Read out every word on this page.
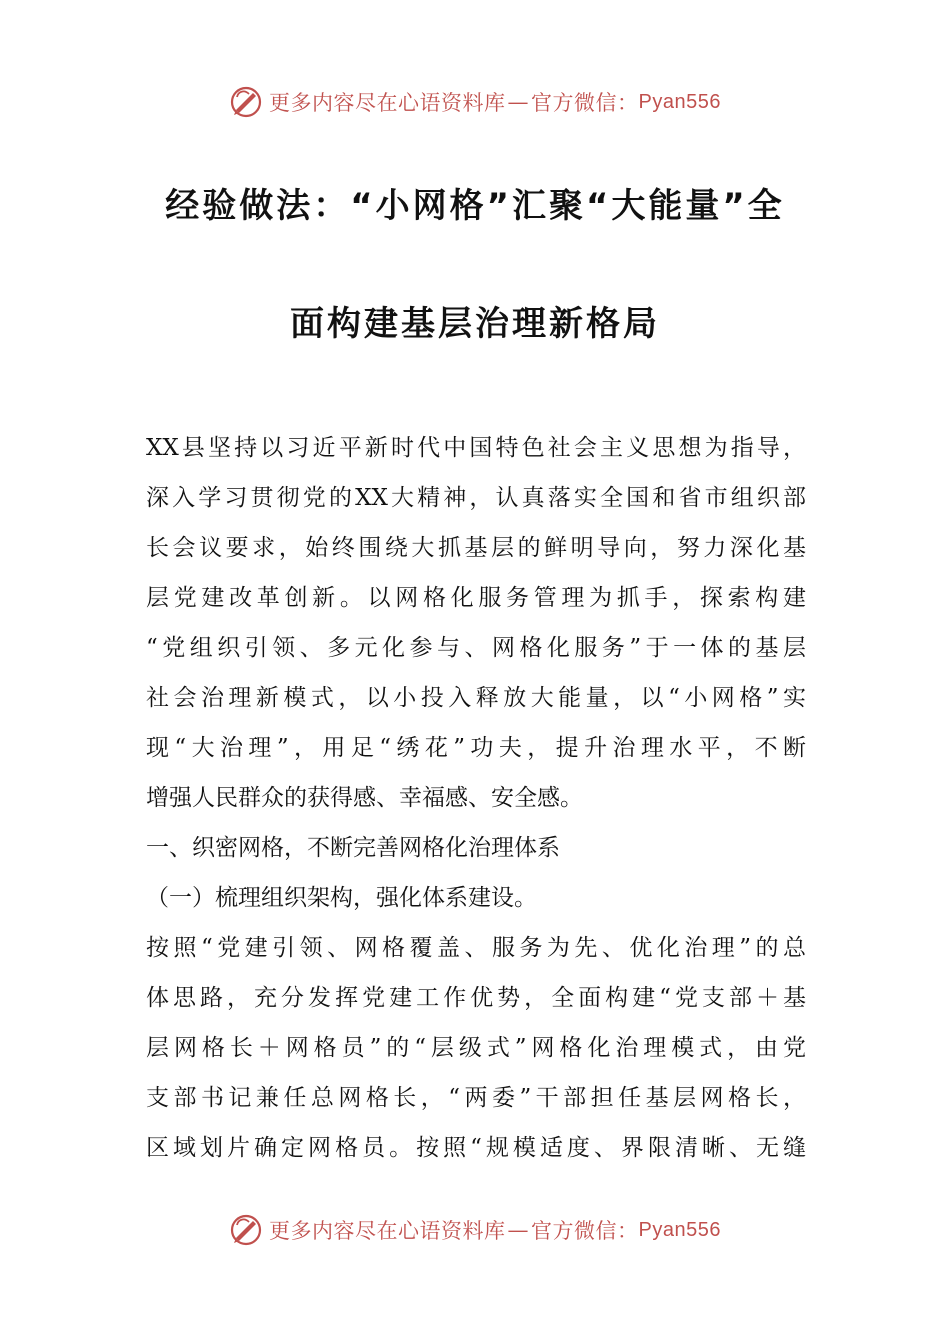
更多内容尽在心语资料库 — 官方微信： Pyan556
经验做法：“小网格”汇聚“大能量”全
面构建基层治理新格局
XX县坚持以习近平新时代中国特色社会主义思想为指导，
深入学习贯彻党的XX大精神，认真落实全国和省市组织部
长会议要求，始终围绕大抓基层的鲜明导向，努力深化基
层党建改革创新。以网格化服务管理为抓手，探索构建
“党组织引领、多元化参与、网格化服务”于一体的基层
社会治理新模式，以小投入释放大能量，以“小网格”实
现“大治理”，用足“绣花”功夫，提升治理水平，不断
增强人民群众的获得感、幸福感、安全感。
一、织密网格，不断完善网格化治理体系
（一）梳理组织架构，强化体系建设。
按照“党建引领、网格覆盖、服务为先、优化治理”的总
体思路，充分发挥党建工作优势，全面构建“党支部＋基
层网格长＋网格员”的“层级式”网格化治理模式，由党
支部书记兼任总网格长，“两委”干部担任基层网格长，
区域划片确定网格员。按照“规模适度、界限清晰、无缝
更多内容尽在心语资料库 — 官方微信： Pyan556
